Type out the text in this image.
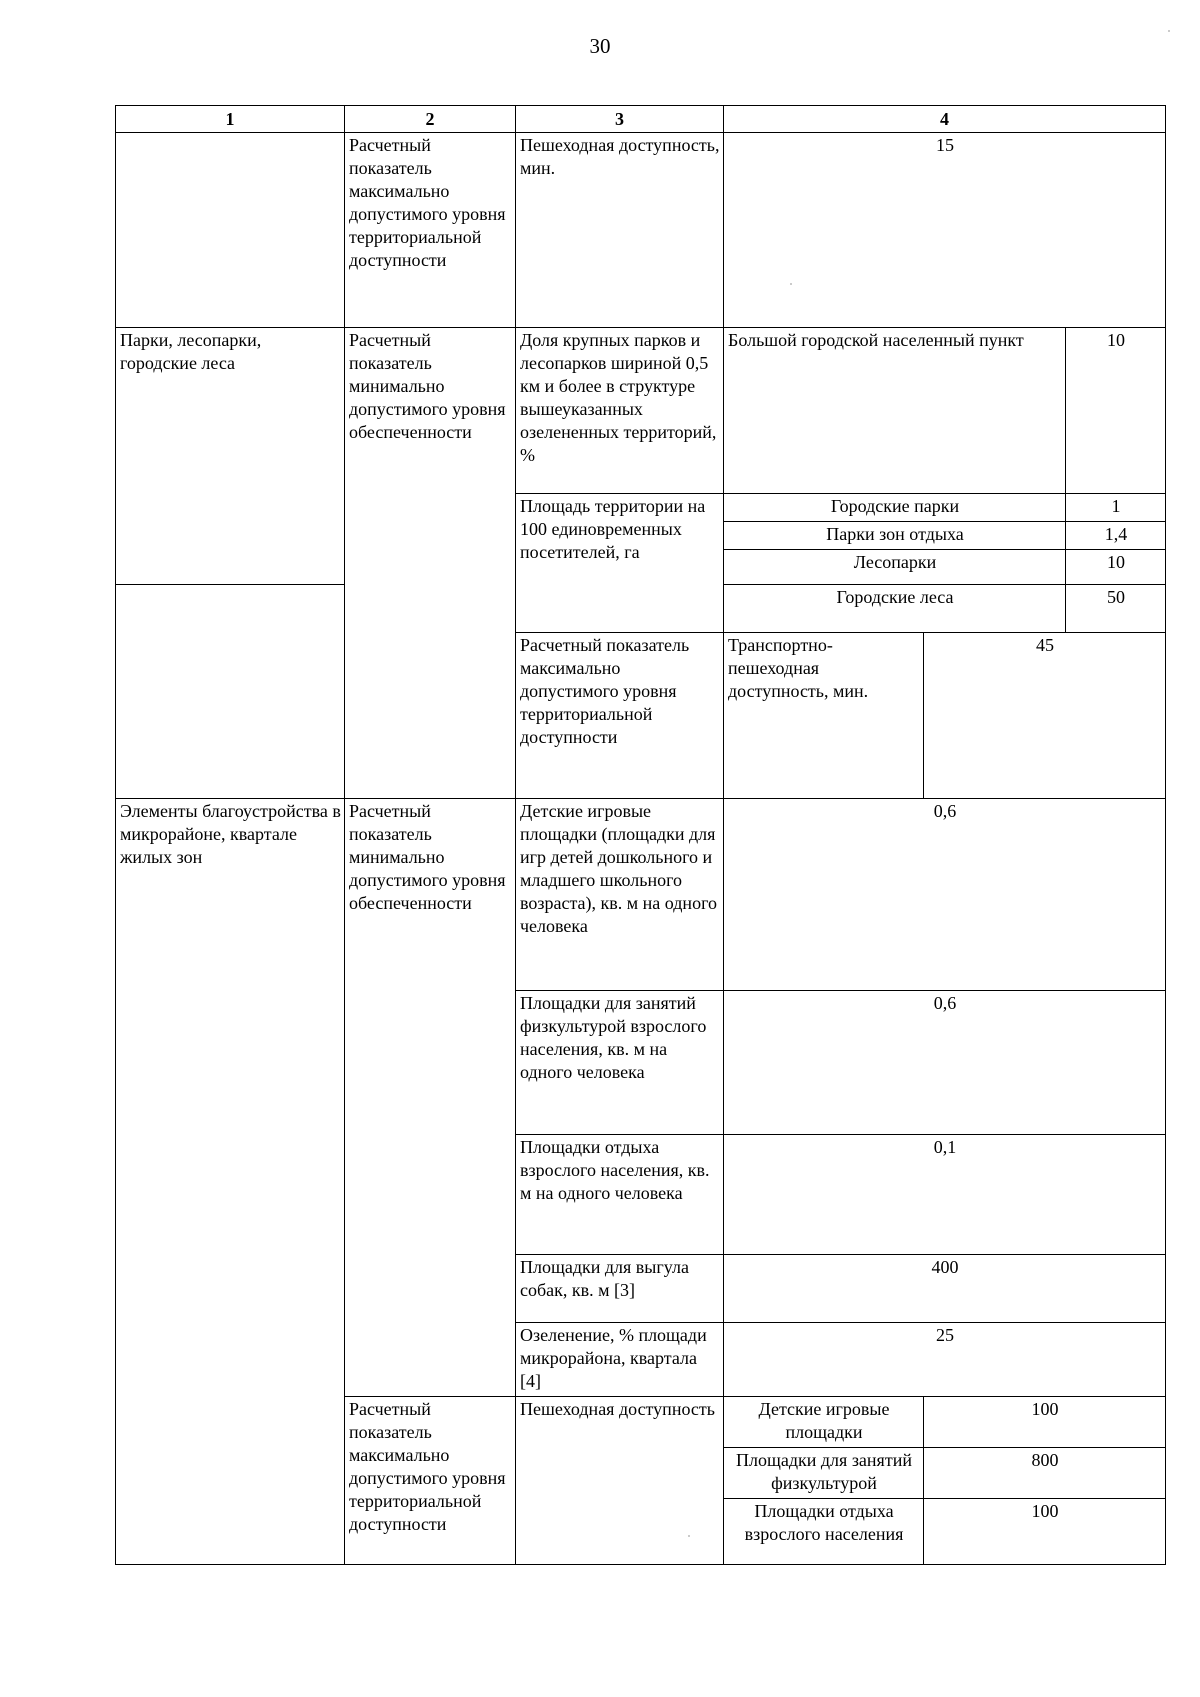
30
1	2	3	4		
	Расчетный показатель максимально допустимого уровня территориальной доступности	Пешеходная доступность, мин.	15		
Парки, лесопарки, городские леса	Расчетный показатель минимально допустимого уровня обеспеченности	Доля крупных парков и лесопарков шириной 0,5 км и более в структуре вышеуказанных озелененных территорий, %	Большой городской населенный пункт		10
		Площадь территории на 100 единовременных посетителей, га	Городские парки		1
			Парки зон отдыха		1,4
			Лесопарки		10
			Городские леса		50
		Расчетный показатель максимально допустимого уровня территориальной доступности	Транспортно-пешеходная доступность, мин.	45	
Элементы благоустройства в микрорайоне, квартале жилых зон	Расчетный показатель минимально допустимого уровня обеспеченности	Детские игровые площадки (площадки для игр детей дошкольного и младшего школьного возраста), кв. м на одного человека	0,6		
		Площадки для занятий физкультурой взрослого населения, кв. м на одного человека	0,6		
		Площадки отдыха взрослого населения, кв. м на одного человека	0,1		
		Площадки для выгула собак, кв. м [3]	400		
		Озеленение, % площади микрорайона, квартала [4]	25		
	Расчетный показатель максимально допустимого уровня территориальной доступности	Пешеходная доступность	Детские игровые площадки	100	
			Площадки для занятий физкультурой	800	
			Площадки отдыха взрослого населения	100	
